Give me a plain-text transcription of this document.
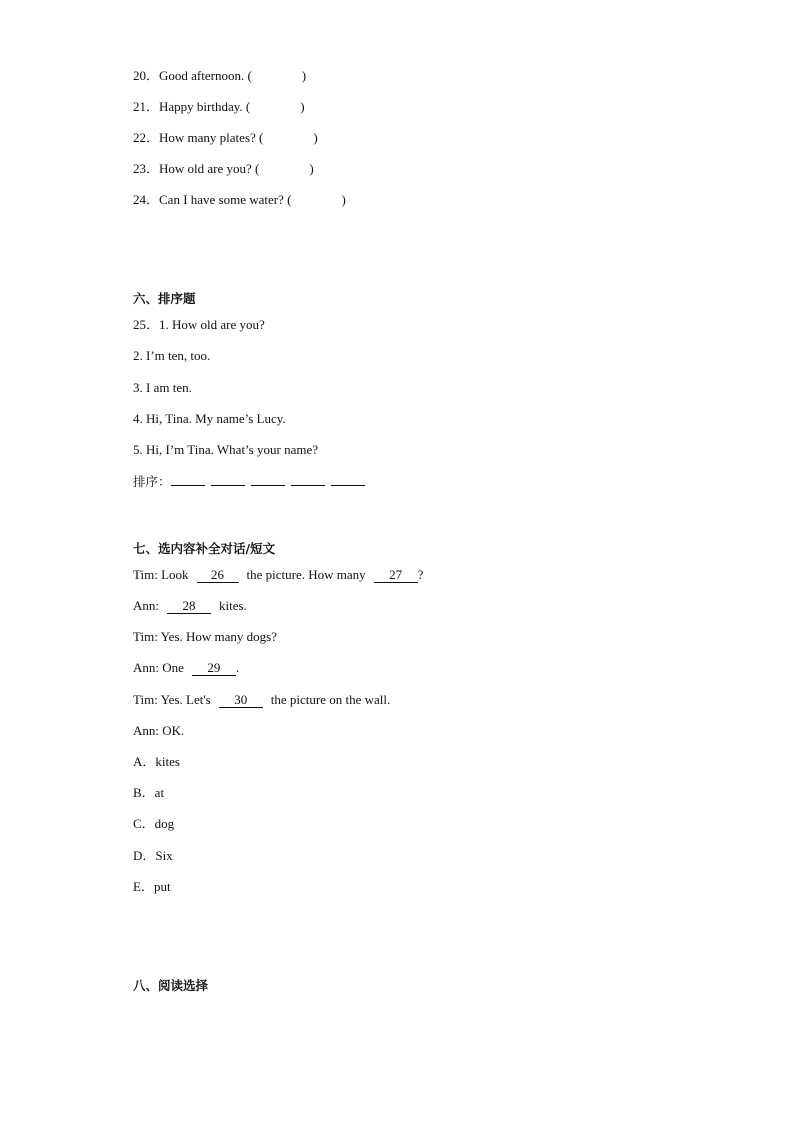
20．Good afternoon. (	)
21．Happy birthday. (	)
22．How many plates? (	)
23．How old are you? (	)
24．Can I have some water? (	)
六、排序题
25．1. How old are you?
2. I’m ten, too.
3. I am ten.
4. Hi, Tina. My name’s Lucy.
5. Hi, I’m Tina. What’s your name?
排序：
七、选内容补全对话/短文
Tim: Look 26 the picture. How many 27 ?
Ann: 28 kites.
Tim: Yes. How many dogs?
Ann: One 29 .
Tim: Yes. Let's 30 the picture on the wall.
Ann: OK.
A．kites
B．at
C．dog
D．Six
E．put
八、阅读选择
